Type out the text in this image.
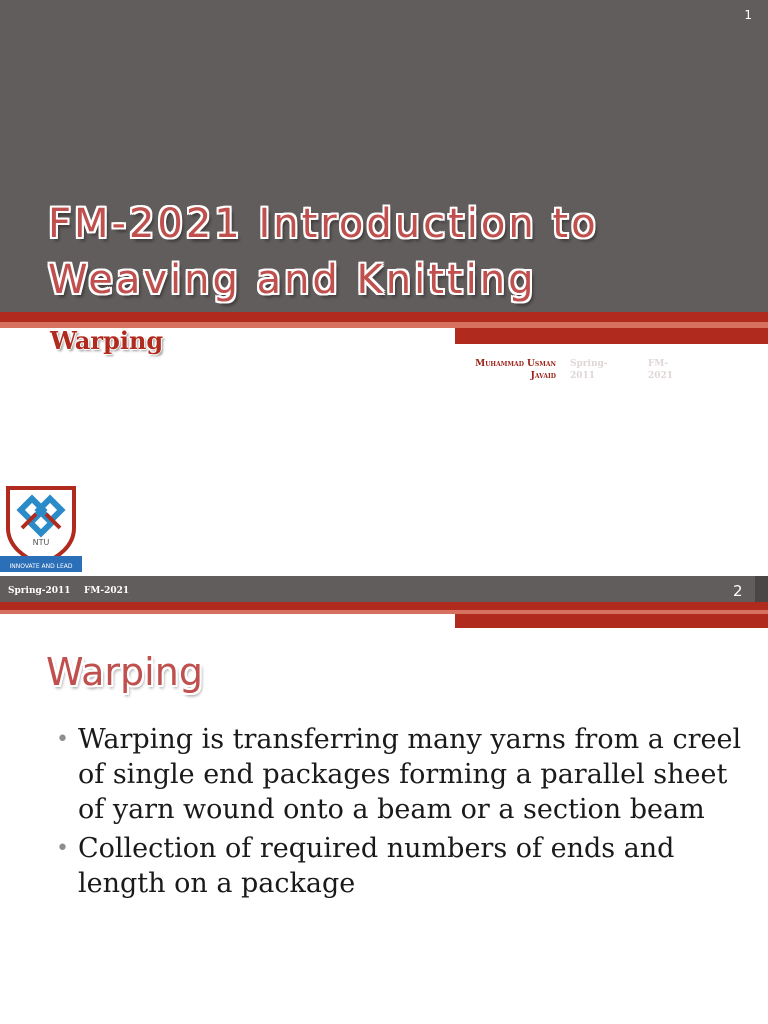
1
FM-2021 Introduction to Weaving and Knitting
Warping
Muhammad Usman Javaid
Spring-2011
FM-2021
NTU
INNOVATE AND LEAD
Spring-2011 FM-2021	2
Warping
• Warping is transferring many yarns from a creel of single end packages forming a parallel sheet of yarn wound onto a beam or a section beam
• Collection of required numbers of ends and length on a package
